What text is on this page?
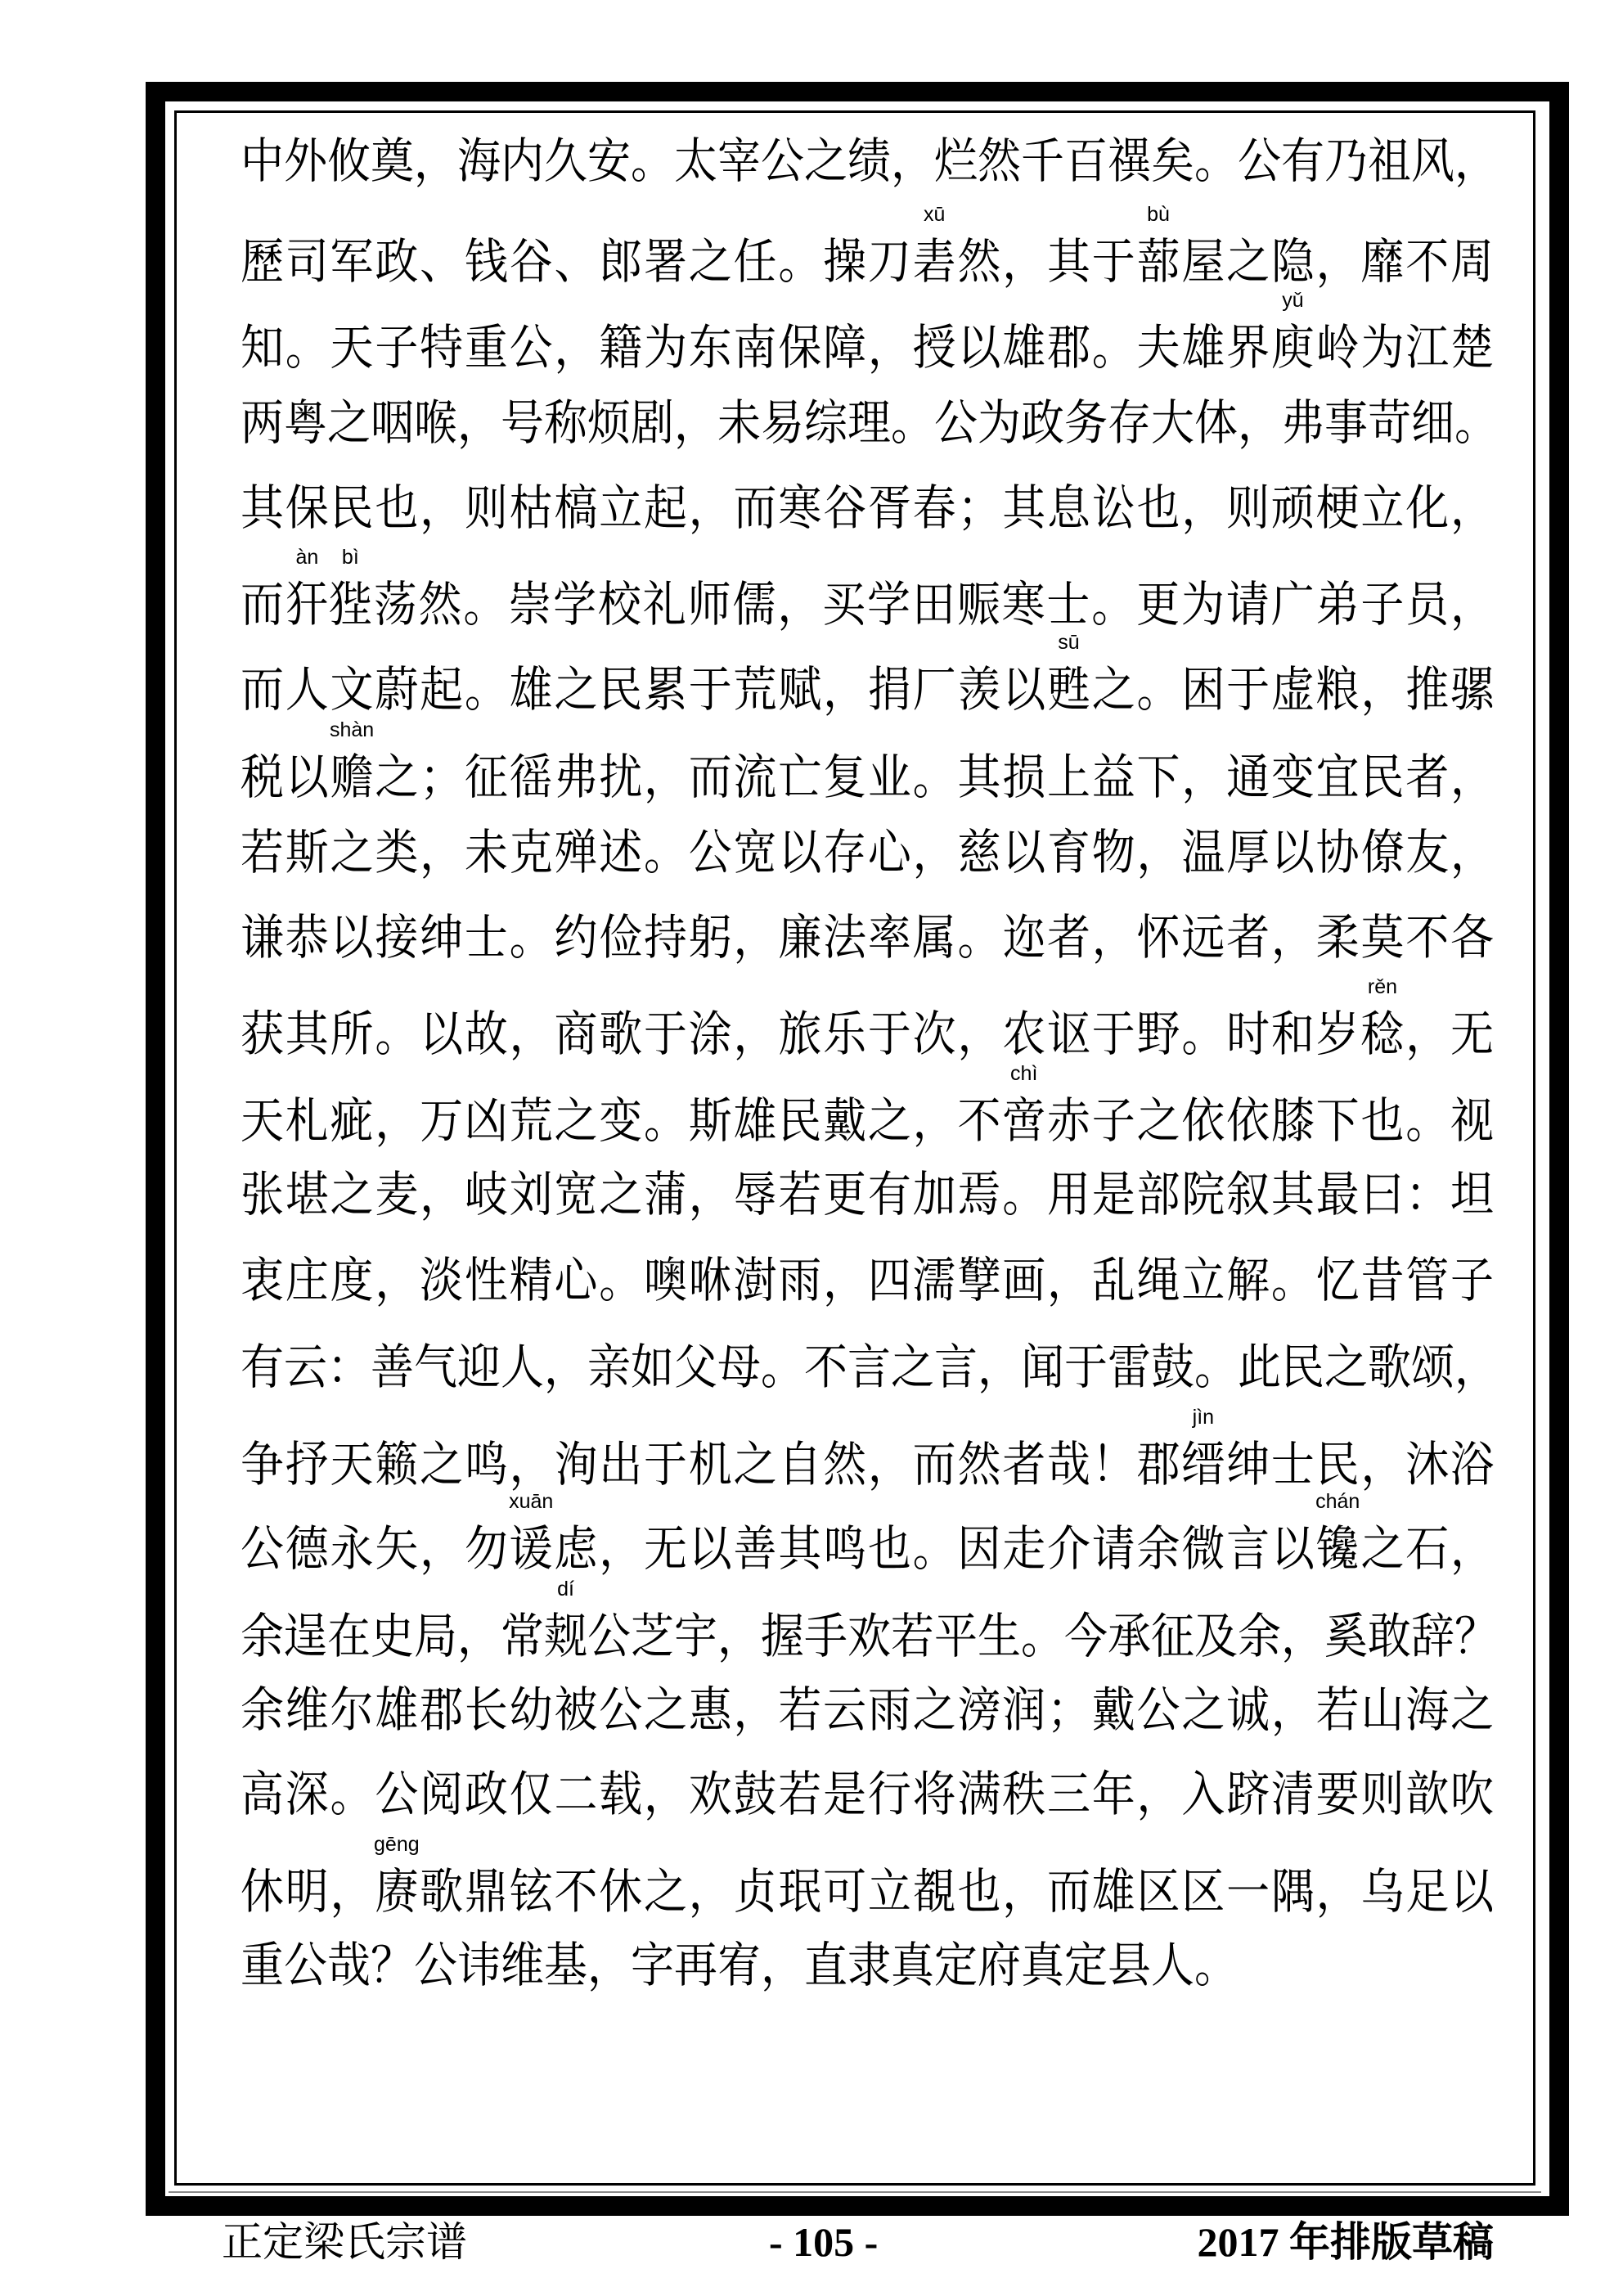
中外攸奠，海内久安。太宰公之绩，烂然千百禩矣。公有乃祖风，
歷司军政、钱谷、郎署之任。操刀砉
xū
然，其于蔀
bù
屋之隐，靡不周
知。天子特重公，籍为东南保障，授以雄郡。夫雄界庾
yǔ
岭为江楚
两粤之咽喉，号称烦剧，未易综理。公为政务存大体，弗事苛细。
其保民也，则枯槁立起，而寒谷胥春；其息讼也，则顽梗立化，
而犴
àn
狴
bì
荡然。崇学校礼师儒，买学田赈寒士。更为请广弟子员，
而人文蔚起。雄之民累于荒赋，捐厂羡以甦
sū
之。困于虚粮，推骡
税以赡
shàn
之；征徭弗扰，而流亡复业。其损上益下，通变宜民者，
若斯之类，未克殚述。公宽以存心，慈以育物，温厚以协僚友，
谦恭以接绅士。约俭持躬，廉法率属。迩者，怀远者，柔莫不各
获其所。以故，商歌于涂，旅乐于次，农讴于野。时和岁稔
rěn
，无
天札疵，万凶荒之变。斯雄民戴之，不啻
chì
赤子之依依膝下也。视
张堪之麦，岐刘宽之蒲，辱若更有加焉。用是部院叙其最曰：坦
衷庄度，淡性精心。噢咻澍雨，四濡孼画，乱绳立解。忆昔管子
有云：善气迎人，亲如父母。不言之言，闻于雷鼓。此民之歌颂，
争抒天籁之鸣，洵出于机之自然，而然者哉！郡缙
jìn
绅士民，沐浴
公德永矢，勿谖
xuān
虑，无以善其鸣也。因走介请余微言以镵
chán
之石，
余逞在史局，常觌
dí
公芝宇，握手欢若平生。今承征及余，奚敢辞？
余维尔雄郡长幼被公之惠，若云雨之滂润；戴公之诚，若山海之
高深。公阅政仅二载，欢鼓若是行将满秩三年，入跻清要则歆吹
休明，赓
gēng
歌鼎铉不休之，贞珉可立覩也，而雄区区一隅，乌足以
重公哉？公讳维基，字再宥，直隶真定府真定县人。
正定梁氏宗谱	- 105 -	2017 年排版草稿
